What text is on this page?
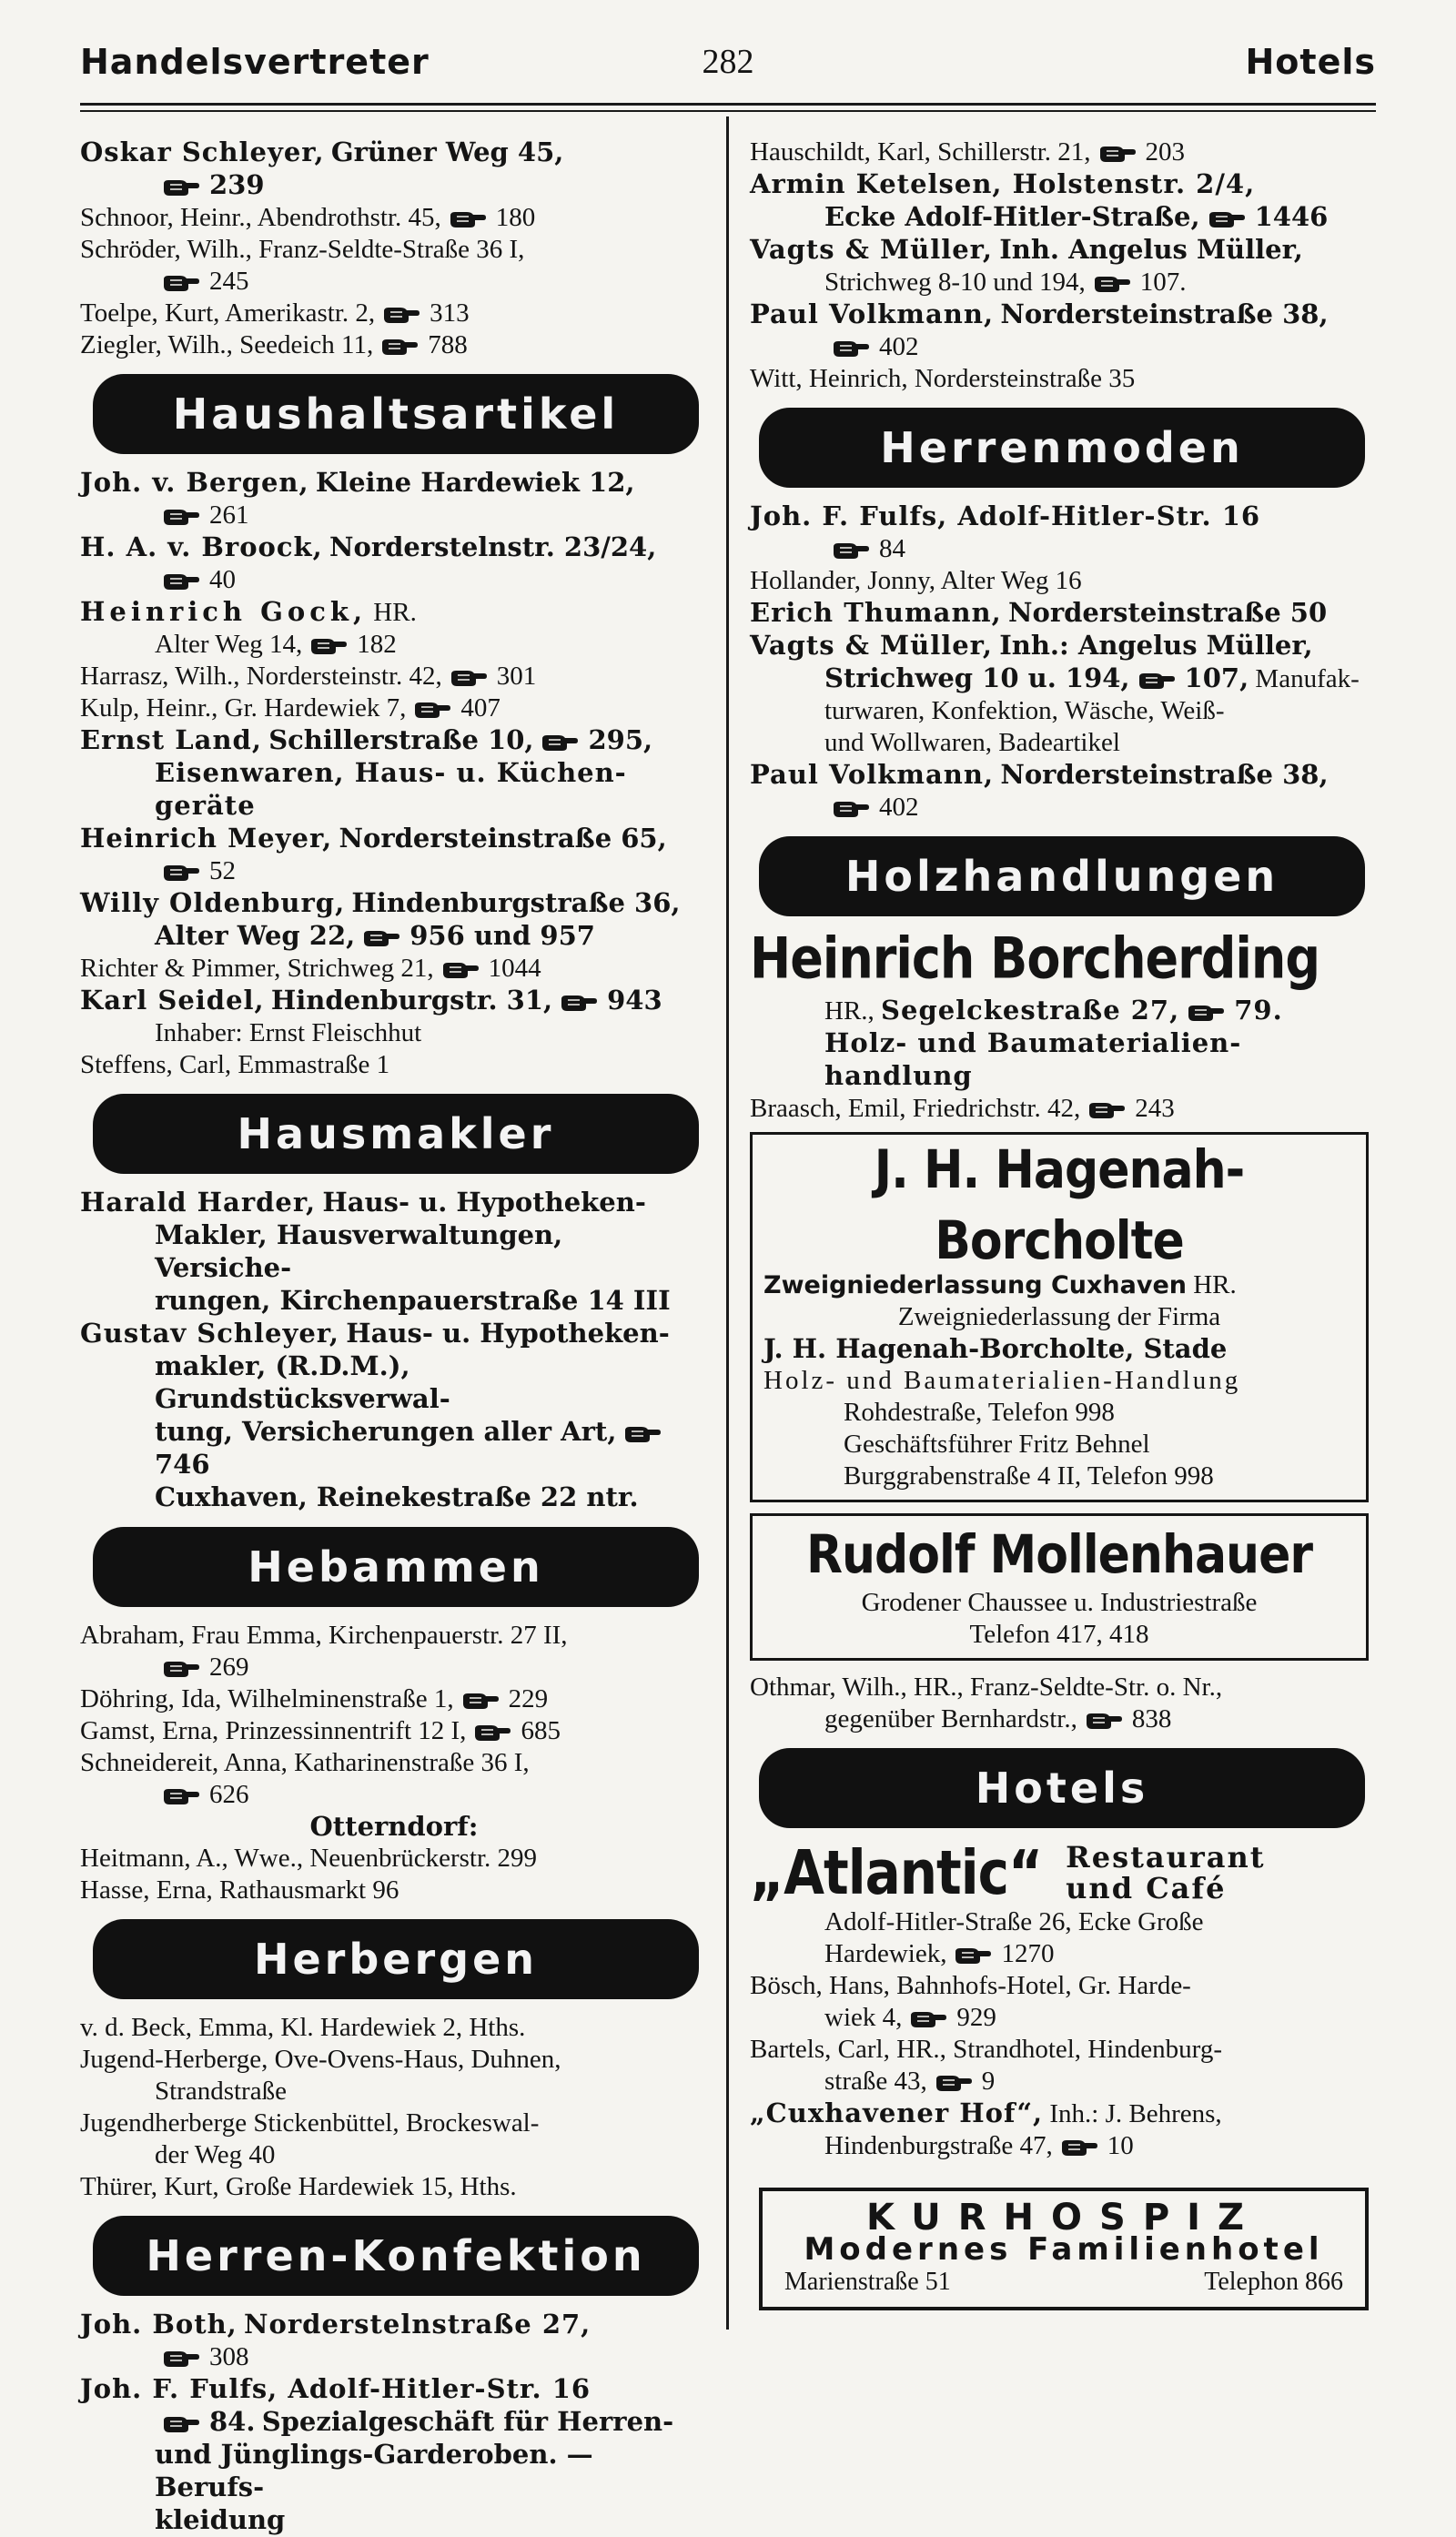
Handelsvertreter	282	Hotels

Oskar Schleyer, Grüner Weg 45,

239

Schnoor, Heinr., Abendrothstr. 45, 180

Schröder, Wilh., Franz-Seldte-Straße 36 I,

245

Toelpe, Kurt, Amerikastr. 2, 313

Ziegler, Wilh., Seedeich 11, 788

Haushaltsartikel

Joh. v. Bergen, Kleine Hardewiek 12,

261

H. A. v. Broock, Norderstelnstr. 23/24,

40

Heinrich Gock, HR.

Alter Weg 14, 182

Harrasz, Wilh., Nordersteinstr. 42, 301

Kulp, Heinr., Gr. Hardewiek 7, 407

Ernst Land, Schillerstraße 10, 295,

Eisenwaren, Haus- u. Küchen-

geräte

Heinrich Meyer, Nordersteinstraße 65,

52

Willy Oldenburg, Hindenburgstraße 36,

Alter Weg 22, 956 und 957

Richter & Pimmer, Strichweg 21, 1044

Karl Seidel, Hindenburgstr. 31, 943

Inhaber: Ernst Fleischhut

Steffens, Carl, Emmastraße 1

Hausmakler

Harald Harder, Haus- u. Hypotheken-

Makler, Hausverwaltungen, Versiche-

rungen, Kirchenpauerstraße 14 III

Gustav Schleyer, Haus- u. Hypotheken-

makler, (R.D.M.), Grundstücksverwal-

tung, Versicherungen aller Art,
746

Cuxhaven, Reinekestraße 22 ntr.

Hebammen

Abraham, Frau Emma, Kirchenpauerstr. 27 II,

269

Döhring, Ida, Wilhelminenstraße 1, 229

Gamst, Erna, Prinzessinnentrift 12 I, 685

Schneidereit, Anna, Katharinenstraße 36 I,

626

Otterndorf:

Heitmann, A., Wwe., Neuenbrückerstr. 299

Hasse, Erna, Rathausmarkt 96

Herbergen

v. d. Beck, Emma, Kl. Hardewiek 2, Hths.

Jugend-Herberge, Ove-Ovens-Haus, Duhnen,

Strandstraße

Jugendherberge Stickenbüttel, Brockeswal-

der Weg 40

Thürer, Kurt, Große Hardewiek 15, Hths.

Herren-Konfektion

Joh. Both, Norderstelnstraße 27,

308

Joh. F. Fulfs, Adolf-Hitler-Str. 16

84. Spezialgeschäft für Herren-

und Jünglings-Garderoben. — Berufs-

kleidung

Hauschildt, Karl, Schillerstr. 21, 203

Armin Ketelsen, Holstenstr. 2/4,

Ecke Adolf-Hitler-Straße, 1446

Vagts & Müller, Inh. Angelus Müller,

Strichweg 8-10 und 194, 107.

Paul Volkmann, Nordersteinstraße 38,

402

Witt, Heinrich, Nordersteinstraße 35

Herrenmoden

Joh. F. Fulfs, Adolf-Hitler-Str. 16

84

Hollander, Jonny, Alter Weg 16

Erich Thumann, Nordersteinstraße 50

Vagts & Müller, Inh.: Angelus Müller,

Strichweg 10 u. 194, 107, Manufak-

turwaren, Konfektion, Wäsche, Weiß-

und Wollwaren, Badeartikel

Paul Volkmann, Nordersteinstraße 38,

402

Holzhandlungen
Heinrich Borcherding

HR., Segelckestraße 27, 79.

Holz- und Baumaterialien-

handlung

Braasch, Emil, Friedrichstr. 42, 243

J. H. Hagenah-Borcholte

Zweigniederlassung Cuxhaven HR.

Zweigniederlassung der Firma

J. H. Hagenah-Borcholte, Stade

Holz- und Baumaterialien-Handlung

Rohdestraße, Telefon 998

Geschäftsführer Fritz Behnel

Burggrabenstraße 4 II, Telefon 998

Rudolf Mollenhauer

Grodener Chaussee u. Industriestraße

Telefon 417, 418

Othmar, Wilh., HR., Franz-Seldte-Str. o. Nr.,

gegenüber Bernhardstr., 838

Hotels
„Atlantic“ Restaurant
und Café

Adolf-Hitler-Straße 26, Ecke Große

Hardewiek, 1270

Bösch, Hans, Bahnhofs-Hotel, Gr. Harde-

wiek 4, 929

Bartels, Carl, HR., Strandhotel, Hindenburg-

straße 43, 9

„Cuxhavener Hof“, Inh.: J. Behrens,

Hindenburgstraße 47, 10

KURHOSPIZ
Modernes Familienhotel
Marienstraße 51	Telephon 866
